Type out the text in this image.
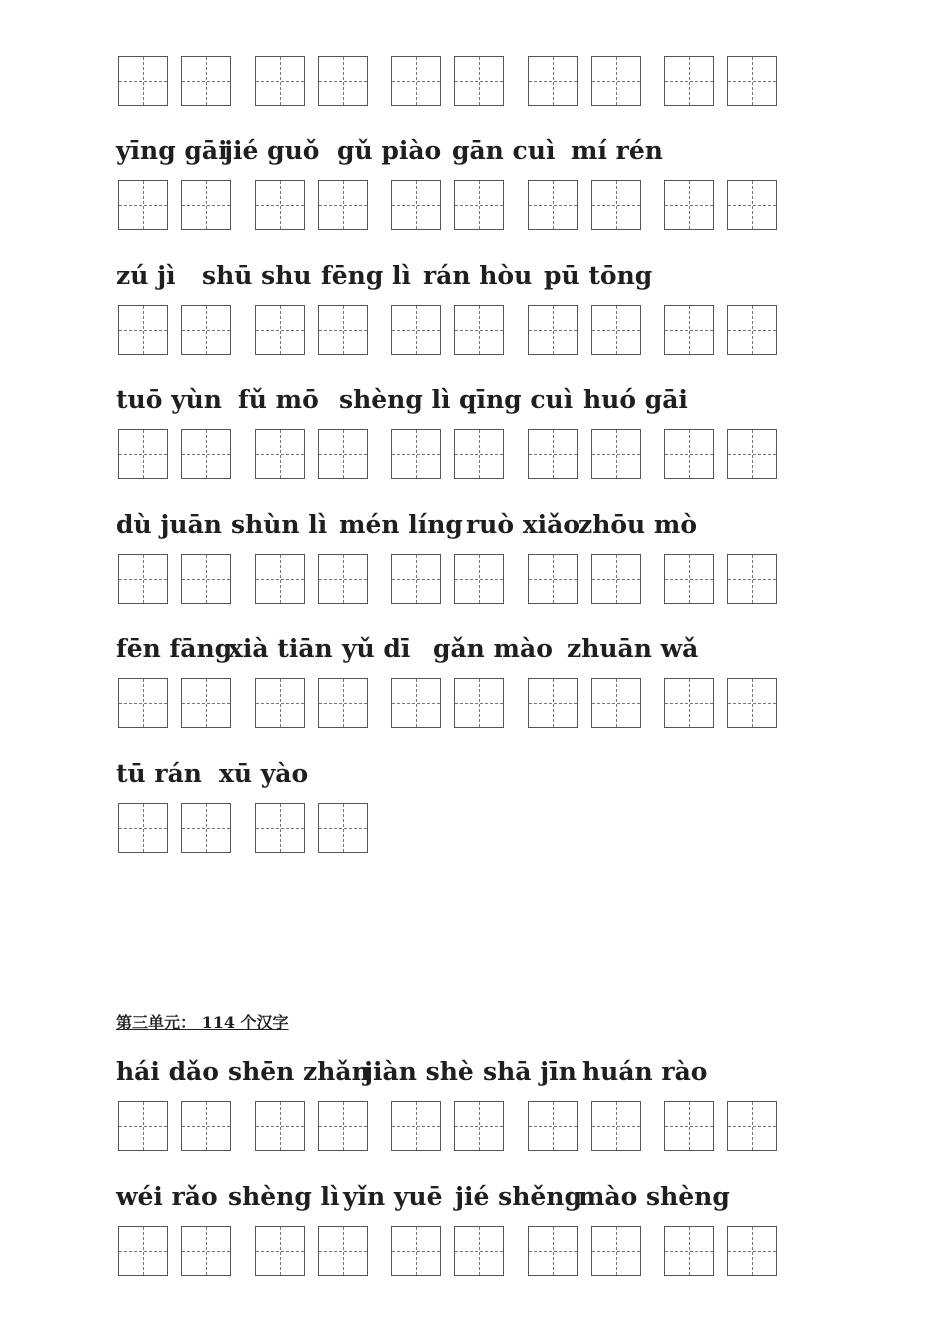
yīng gāi
jié guǒ gǔ piào gān cuì mí rén
zú jì shū shu fēng lì rán hòu pū tōng
tuō yùn fǔ mō shèng lì qīng cuì huó gāi
dù juān shùn lì mén líng ruò xiǎo
zhōu mò
fēn fāng
xià tiān yǔ dī gǎn mào zhuān wǎ
tū rán xū yào
hái dǎo shēn zhǎn
jiàn shè shā jīn huán rào
wéi rǎo shèng lì yǐn yuē jié shěng
mào shèng
第三单元： 114 个汉字
